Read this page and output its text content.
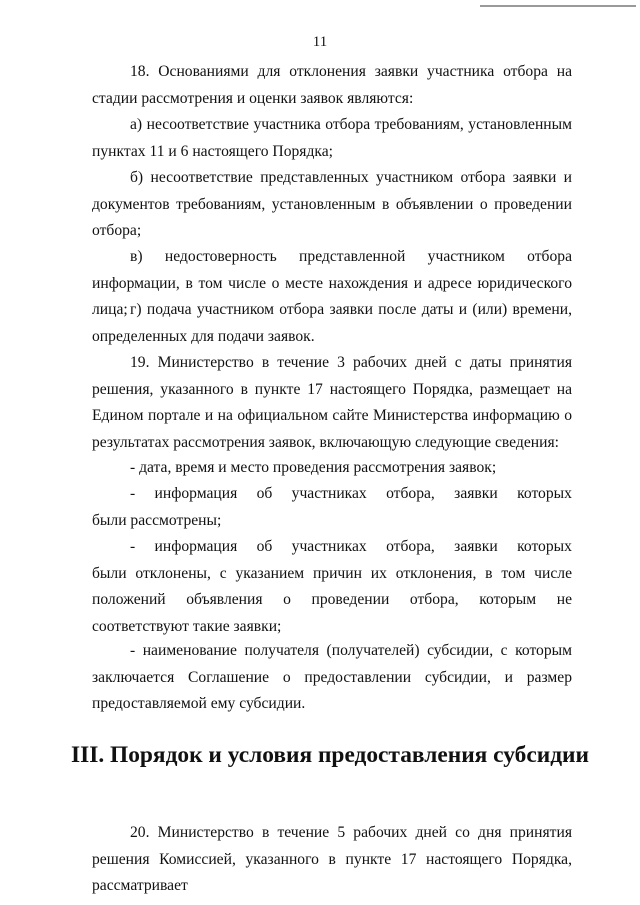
11

18. Основаниями для отклонения заявки участника отбора на стадии рассмотрения и оценки заявок являются:

а) несоответствие участника отбора требованиям, установленным пунктах 11 и 6 настоящего Порядка;

б) несоответствие представленных участником отбора заявки и документов требованиям, установленным в объявлении о проведении отбора;

в) недостоверность представленной участником отбора информации, в том числе о месте нахождения и адресе юридического лица; г) подача участником отбора заявки после даты и (или) времени, определенных для подачи заявок.

19. Министерство в течение 3 рабочих дней с даты принятия решения, указанного в пункте 17 настоящего Порядка, размещает на Едином портале и на официальном сайте Министерства информацию о результатах рассмотрения заявок, включающую следующие сведения:

- дата, время и место проведения рассмотрения заявок;

- информация об участниках отбора, заявки которых
были рассмотрены;
- информация об участниках отбора, заявки которых
были отклонены, с указанием причин их отклонения, в том числе положений объявления о проведении отбора, которым не соответствуют такие заявки;

- наименование получателя (получателей) субсидии, с которым заключается Соглашение о предоставлении субсидии, и размер предоставляемой ему субсидии.

III. Порядок и условия предоставления субсидии

20. Министерство в течение 5 рабочих дней со дня принятия решения Комиссией, указанного в пункте 17 настоящего Порядка, рассматривает
